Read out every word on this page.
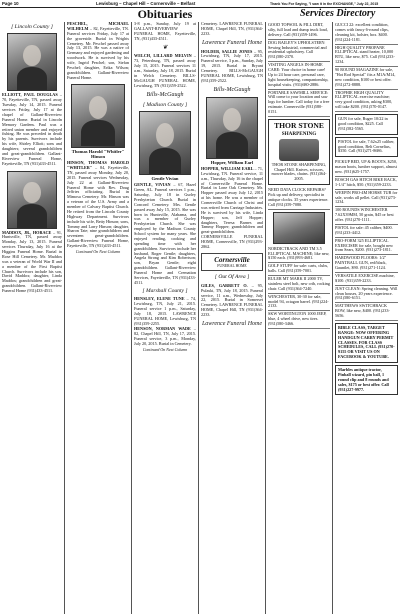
Page 10	Lewisburg – Chapel Hill – Cornersville – Belfast	Thank You For Saying, "I saw it in the EXCHANGE," July 22, 2015
Obituaries	Services Directory
[ Lincoln County ]

ELLIOTT, PAUL DOUGLAS – 70, Fayetteville, TN, passed away Tuesday, July 14, 2015. Funeral services Friday, July 17 at the chapel of Gallant-Riverview Funeral Home. Burial in Lincoln Memory Gardens. Paul was a retired union member and enjoyed fishing. He was preceded in death by his parents. Survivors include his wife, Shirley Elliott; sons and daughters; several grandchildren and great-grandchildren. Gallant-Riverview Funeral Home, Fayetteville, TN (931)433-4511.

MADDOX, JR., HORACE – 91, Huntsville, TN, passed away Monday, July 13, 2015. Funeral services Thursday, July 16 at the Higgins Funeral Home. Burial in Rose Hill Cemetery. Mr. Maddox was a veteran of World War II and a member of the First Baptist Church. Survivors include his son, David Maddox; daughter, Linda Maddox; grandchildren and great-grandchildren. Gallant-Riverview Funeral Home (931)433-4511.

PESCHEL, MICHAEL WILHELM – 82, Fayetteville, TN. Funeral services Friday, July 17 at the graveside. Burial in Wrights Cemetery. Mr. Peschel passed away July 13, 2015. He was a native of Germany and enjoyed gardening and woodwork. He is survived by his wife, Ingrid Peschel; son, Stefan Peschel; daughter, Erika Wilson; grandchildren. Gallant-Riverview Funeral Home.

Thomas Harold "Whitler" Hinson

HINSON, THOMAS HAROLD "WHITLER" – 84, Fayetteville, TN, passed away Monday, July 20, 2015. Funeral services Wednesday, July 22 at Gallant-Riverview Funeral Home with Rev. Doug Jeffries officiating. Burial in Mimosa Cemetery. Mr. Hinson was a veteran of the U.S. Army and a member of Calvary Baptist Church. He retired from the Lincoln County Highway Department. Survivors include his wife, Betty Hinson; sons, Tommy and Larry Hinson; daughter, Sharon Tate; nine grandchildren and seventeen great-grandchildren. Gallant-Riverview Funeral Home, Fayetteville, TN (931)433-4511.

Continued On Next Column

3-8 p.m., Sunday, July 19 at GALLANT-RIVERVIEW FUNERAL HOME, Fayetteville, TN, (931)433-4511.

❦

WELCH, LILLARD MELVIN – 73, Petersburg, TN, passed away July 15, 2015. Funeral services 11 a.m., Saturday, July 18, 2015. Burial in Welch Cemetery. BILLS-McGAUGH FUNERAL HOME, Lewisburg, TN (931)359-2522.

Bills-McGaugh
[ Madison County ]
Gentle Vivian

GENTLE, VIVIAN – 67, Hazel Green, AL. Funeral services 1 p.m., Saturday, July 18 in Gurley Presbyterian Church. Burial in Concord Cemetery. Mrs. Gentle passed away July 15, 2015. She was born in Huntsville, Alabama, and was a member of Gurley Presbyterian Church. She was employed by the Madison County School system for many years. She enjoyed reading, cooking and spending time with her grandchildren. Survivors include her husband, Roger Gentle; daughters, Angela Strong and Kim Robertson; son, Bryan Gentle; eight grandchildren. Gallant-Riverview Funeral Home and Cremation Services, Fayetteville, TN (931)433-4511.

[ Marshall County ]

HENSLEY, ELENE TUNE – 74, Lewisburg, TN, July 21, 2015. Funeral service 1 p.m., Saturday, July 18, 2015. LAWRENCE FUNERAL HOME, Lewisburg, TN (931)359-2255.

HENSON, NORMAN WADE – 82, Chapel Hill, TN, July 17, 2015. Funeral service, 3 p.m., Monday, July 20, 2015. Burial in Cemetery.

Continued On Next Column

Cemetery. LAWRENCE FUNERAL HOME, Chapel Hill, TN, (931)364-2233.

Lawrence Funeral Home

HOLDER, SALLIE JONES – 95, Lewisburg, TN, July 17, 2015. Funeral service, 3 p.m., Sunday, July 19, 2015. Burial in Bryant Cemetery. BILLS-McGAUGH FUNERAL HOME, Lewisburg, TN (931)359-2522.

Bills-McGaugh
Hopper, William Earl

HOPPER, WILLIAM EARL – 71, Lewisburg, TN. Funeral service, 11 a.m., Thursday, July 16 in the chapel of Cornersville Funeral Home. Burial in Lone Oak Cemetery. Mr. Hopper passed away July 12, 2015 at his home. He was a member of Cornersville Church of Christ and was retired from Carriage Industries. He is survived by his wife, Linda Hopper; son, Jeff Hopper; daughters, Teresa Barnes and Tammy Hopper; grandchildren and great-grandchildren. CORNERSVILLE FUNERAL HOME, Cornersville, TN (931)293-2862.

Cornersville
FUNERAL HOME
[ Out Of Area ]

GILES, GARRETT O. – 95, Pulaski, TN, July 18, 2015. Funeral service, 11 a.m., Wednesday, July 22, 2015. Burial in Somerset Cemetery. LAWRENCE FUNERAL HOME, Chapel Hill, TN (931)364-2233.

Lawrence Funeral Home
GOOD TOPSOIL & FILL DIRT, silty, full load and dump truck load, delivery. Call (931)359-1496.
DOG BAILEY'S UPHOLSTERY: Sewing Industrial, commercial and residential upholstery. Call (931)580-2370.
VISITING ANGELS IN-HOME CARE: Your choice in home care! Up to 24 hour care, personal care, light housekeeping, companionship, hospital visits. (931)680-2886.
PORTABLE SAWMILL SERVICE: Will come to your location and saw logs for lumber. Call today for a free estimate. Cornersville (931)580-0151.
THOR STONE
SHARPENING
THOR STONE SHARPENING, Chapel Hill. Knives, scissors, mower blades, chains. (931)364-2005.
NEED DATA CLOCK REPAIRS? Pick up and delivery, specialist in antique clocks. 35 years experience. Call (931)359-7080.
NORDICTRACK AND TM 3.5 ELLIPTICAL MACHINE; like new, $150 each. (931)993-4681.
GOLF STUFF for sale: carts, clubs, balls. Call (931)359-7001.
RULER MT MARK II 2000 TV, stainless steel bolt, new crib, rocking chair. Call (931)364-7240.
WINCHESTER, 30-30 for sale, model 94, octagon barrel. (931)224-2133.
SKW WORTINGTON 1000 JEEP, blue, 4 wheel drive, new tires. (931)580-3466.
GUCCI 22: excellent condition, comes with fancy 6-round clips, cleaning kit, holster, box. $400. (931)224-1181.
HIGH QUALITY PROPANE ELLIPTICAL stand heater, 10,000 BTU, like new, $75. Call (931)233-1234.
90 ROUND MAGAZINE for sale, "Hot Rod Special" fits a M1A/M14, new condition, $100 or best offer. (931)272-8888.
TROPHIE HIGH QUALITY ELLIPTICAL exercise machine; very good condition, asking $300, will take $200. (931)570-0147.
GUN for sale, Ruger 10/22 in good condition, $225. Call (931)582-5565.
PISTOL for sale, 7.62x25 caliber, good condition, Belt Cornelius, $350. Call (931)271-8686.
PICKUP BED, UP & BOOTS, $250, mason boots, lumber support, almost new. (931)625-1757.
BOSCH GAS HITCH BIKE RACK, 1-1/4" hitch, $50. (931)359-2233.
WEEPIN PRO-4M HORSE TUB for sale, works all pellet. Call (931)273-1234.
100 ROUNDS WINCHESTER 7.62X39MM, 50 grain, $45 or best offer. (931)270-1111.
PISTOL for sale: 45 caliber, $400. (931)233-4412.
PRO-FORM 325 ELLIPTICAL EXERCISER for sale, bought new from Sears, $200. (931)273-1811.
HARDWOOD FLOORS: 1/2" PAINTBALL GUN, red/black, Gauntlet, $90. (931)271-1124.
VERSATILE EXERCISE machine, $100. (931)359-2233.
JUST CLEAN: Spring cleaning. Will clean houses, 20 years experience. (931)580-6151.
MATTHEWS SWITCHBACK BOW, like new, $400. (931)233-5656.
BIBLE CLASS, TARGET RANGE: NOW OFFERING HANDGUN CARRY PERMIT CLASSES. FOR CLASS SCHEDULES, CALL (931)270-9155 OR VISIT US ON FACEBOOK & YOUTUBE.
Marbles antique tractor, Pinball wizard, pin ball, 1 round clip and 8 rounds and sales, $175 or best offer. Call (931)227-9977.
